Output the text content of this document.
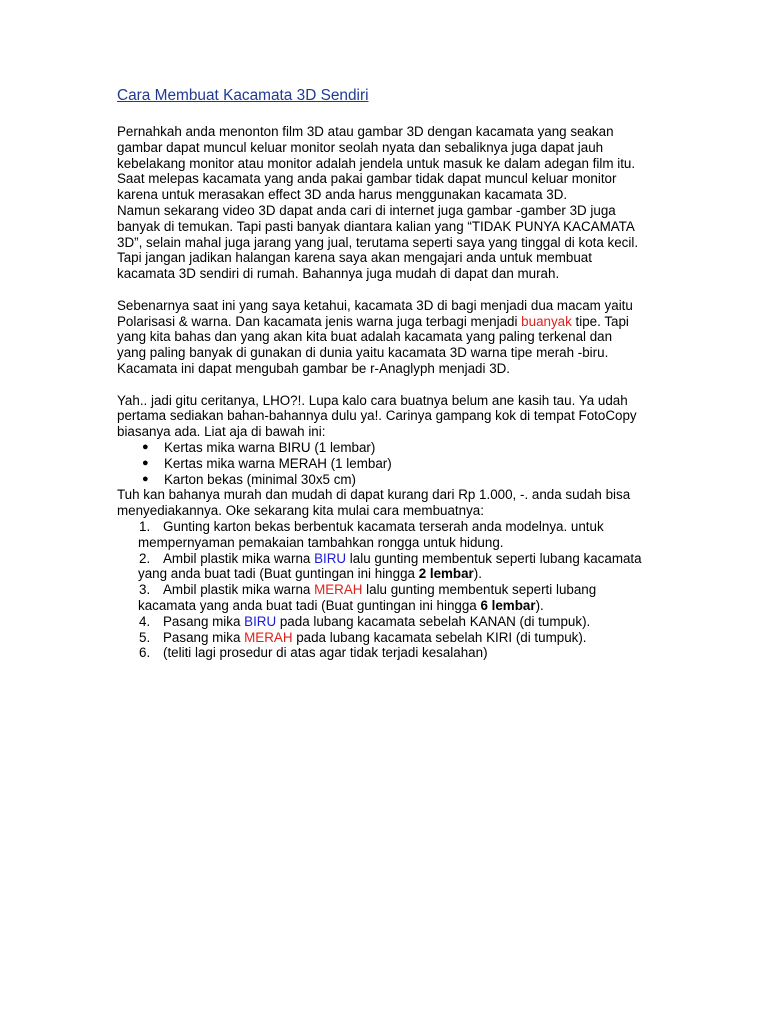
Cara Membuat Kacamata 3D Sendiri
Pernahkah anda menonton film 3D atau gambar 3D dengan kacamata yang seakan
gambar dapat muncul keluar monitor seolah nyata dan sebaliknya juga dapat jauh
kebelakang monitor atau monitor adalah jendela untuk masuk ke dalam adegan film itu.
Saat melepas kacamata yang anda pakai gambar tidak dapat muncul keluar monitor
karena untuk merasakan effect 3D anda harus menggunakan kacamata 3D.
Namun sekarang video 3D dapat anda cari di internet juga gambar -gamber 3D juga
banyak di temukan. Tapi pasti banyak diantara kalian yang “TIDAK PUNYA KACAMATA
3D”, selain mahal juga jarang yang jual, terutama seperti saya yang tinggal di kota kecil.
Tapi jangan jadikan halangan karena saya akan mengajari anda untuk membuat
kacamata 3D sendiri di rumah. Bahannya juga mudah di dapat dan murah.
Sebenarnya saat ini yang saya ketahui, kacamata 3D di bagi menjadi dua macam yaitu
Polarisasi & warna. Dan kacamata jenis warna juga terbagi menjadi buanyak tipe. Tapi
yang kita bahas dan yang akan kita buat adalah kacamata yang paling terkenal dan
yang paling banyak di gunakan di dunia yaitu kacamata 3D warna tipe merah -biru.
Kacamata ini dapat mengubah gambar be r-Anaglyph menjadi 3D.
Yah.. jadi gitu ceritanya, LHO?!. Lupa kalo cara buatnya belum ane kasih tau. Ya udah
pertama sediakan bahan-bahannya dulu ya!. Carinya gampang kok di tempat FotoCopy
biasanya ada. Liat aja di bawah ini:
● Kertas mika warna BIRU (1 lembar)
● Kertas mika warna MERAH (1 lembar)
● Karton bekas (minimal 30x5 cm)
Tuh kan bahanya murah dan mudah di dapat kurang dari Rp 1.000, -. anda sudah bisa
menyediakannya. Oke sekarang kita mulai cara membuatnya:
1. Gunting karton bekas berbentuk kacamata terserah anda modelnya. untuk
mempernyaman pemakaian tambahkan rongga untuk hidung.
2. Ambil plastik mika warna BIRU lalu gunting membentuk seperti lubang kacamata
yang anda buat tadi (Buat guntingan ini hingga 2 lembar).
3. Ambil plastik mika warna MERAH lalu gunting membentuk seperti lubang
kacamata yang anda buat tadi (Buat guntingan ini hingga 6 lembar).
4. Pasang mika BIRU pada lubang kacamata sebelah KANAN (di tumpuk).
5. Pasang mika MERAH pada lubang kacamata sebelah KIRI (di tumpuk).
6. (teliti lagi prosedur di atas agar tidak terjadi kesalahan)
